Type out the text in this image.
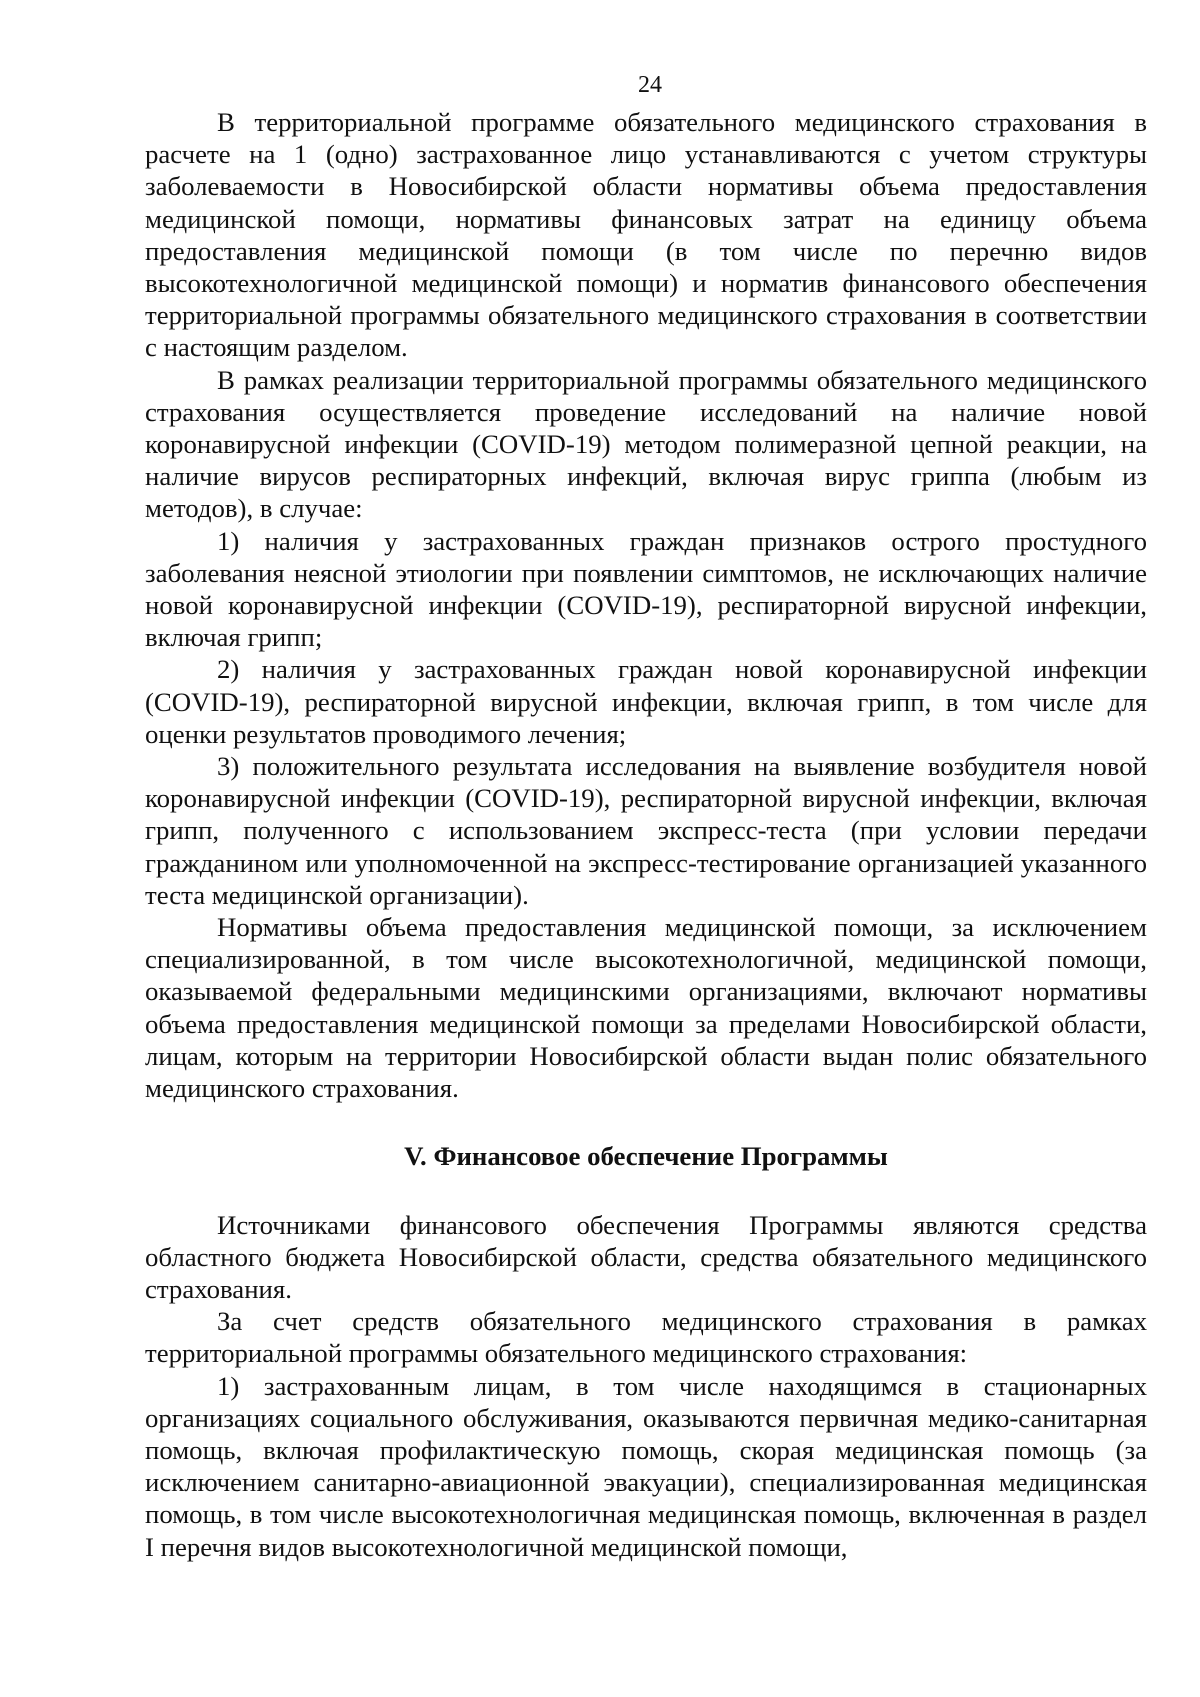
24

В территориальной программе обязательного медицинского страхования в расчете на 1 (одно) застрахованное лицо устанавливаются с учетом структуры заболеваемости в Новосибирской области нормативы объема предоставления медицинской помощи, нормативы финансовых затрат на единицу объема предоставления медицинской помощи (в том числе по перечню видов высокотехнологичной медицинской помощи) и норматив финансового обеспечения территориальной программы обязательного медицинского страхования в соответствии с настоящим разделом.

В рамках реализации территориальной программы обязательного медицинского страхования осуществляется проведение исследований на наличие новой коронавирусной инфекции (COVID-19) методом полимеразной цепной реакции, на наличие вирусов респираторных инфекций, включая вирус гриппа (любым из методов), в случае:

1) наличия у застрахованных граждан признаков острого простудного заболевания неясной этиологии при появлении симптомов, не исключающих наличие новой коронавирусной инфекции (COVID-19), респираторной вирусной инфекции, включая грипп;

2) наличия у застрахованных граждан новой коронавирусной инфекции (COVID-19), респираторной вирусной инфекции, включая грипп, в том числе для оценки результатов проводимого лечения;

3) положительного результата исследования на выявление возбудителя новой коронавирусной инфекции (COVID-19), респираторной вирусной инфекции, включая грипп, полученного с использованием экспресс-теста (при условии передачи гражданином или уполномоченной на экспресс-тестирование организацией указанного теста медицинской организации).

Нормативы объема предоставления медицинской помощи, за исключением специализированной, в том числе высокотехнологичной, медицинской помощи, оказываемой федеральными медицинскими организациями, включают нормативы объема предоставления медицинской помощи за пределами Новосибирской области, лицам, которым на территории Новосибирской области выдан полис обязательного медицинского страхования.

V. Финансовое обеспечение Программы

Источниками финансового обеспечения Программы являются средства областного бюджета Новосибирской области, средства обязательного медицинского страхования.

За счет средств обязательного медицинского страхования в рамках территориальной программы обязательного медицинского страхования:

1) застрахованным лицам, в том числе находящимся в стационарных организациях социального обслуживания, оказываются первичная медико-санитарная помощь, включая профилактическую помощь, скорая медицинская помощь (за исключением санитарно-авиационной эвакуации), специализированная медицинская помощь, в том числе высокотехнологичная медицинская помощь, включенная в раздел I перечня видов высокотехнологичной медицинской помощи,
